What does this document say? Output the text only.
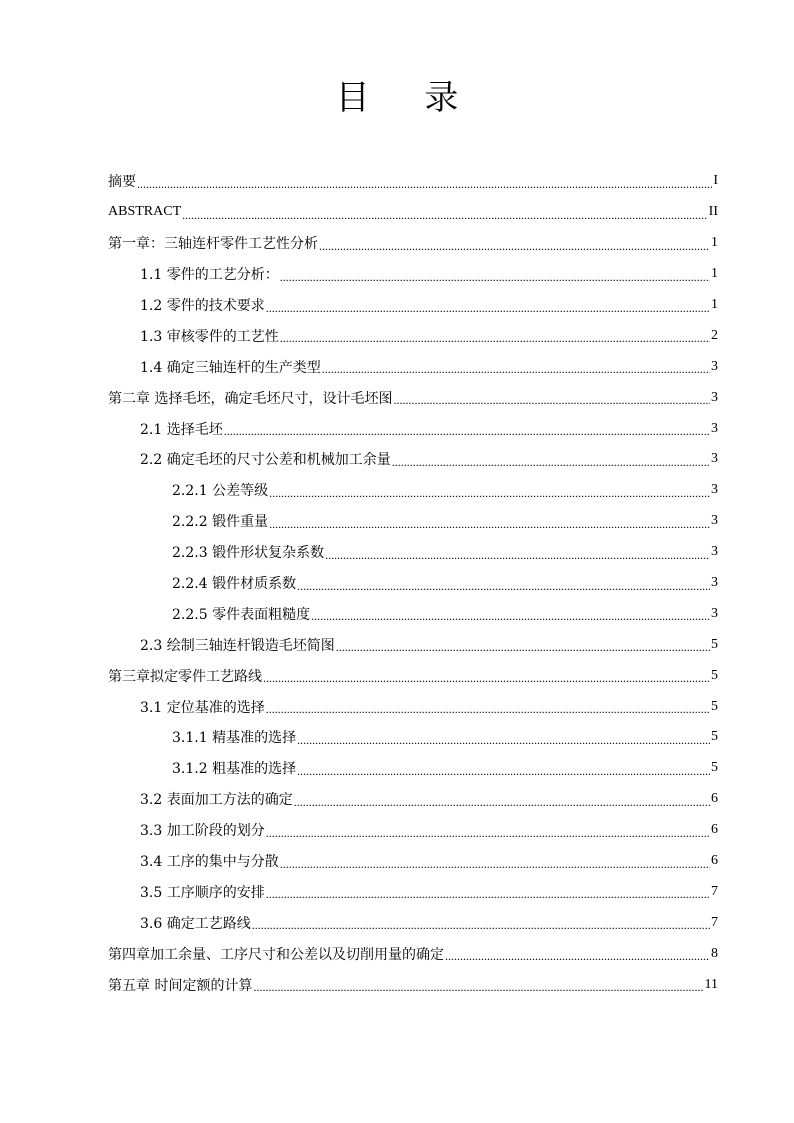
目 录
摘要 .....	I
ABSTRACT .....	II
第一章：三轴连杆零件工艺性分析 .....	1
1.1 零件的工艺分析： .....	1
1.2 零件的技术要求 .....	1
1.3 审核零件的工艺性 .....	2
1.4 确定三轴连杆的生产类型 .....	3
第二章 选择毛坯，确定毛坯尺寸，设计毛坯图 .....	3
2.1 选择毛坯 .....	3
2.2 确定毛坯的尺寸公差和机械加工余量 .....	3
2.2.1 公差等级 .....	3
2.2.2 锻件重量 .....	3
2.2.3 锻件形状复杂系数 .....	3
2.2.4 锻件材质系数 .....	3
2.2.5 零件表面粗糙度 .....	3
2.3 绘制三轴连杆锻造毛坯简图 .....	5
第三章拟定零件工艺路线 .....	5
3.1 定位基准的选择 .....	5
3.1.1 精基准的选择 .....	5
3.1.2 粗基准的选择 .....	5
3.2 表面加工方法的确定 .....	6
3.3 加工阶段的划分 .....	6
3.4 工序的集中与分散 .....	6
3.5 工序顺序的安排 .....	7
3.6 确定工艺路线 .....	7
第四章加工余量、工序尺寸和公差以及切削用量的确定 .....	8
第五章 时间定额的计算 .....	11
